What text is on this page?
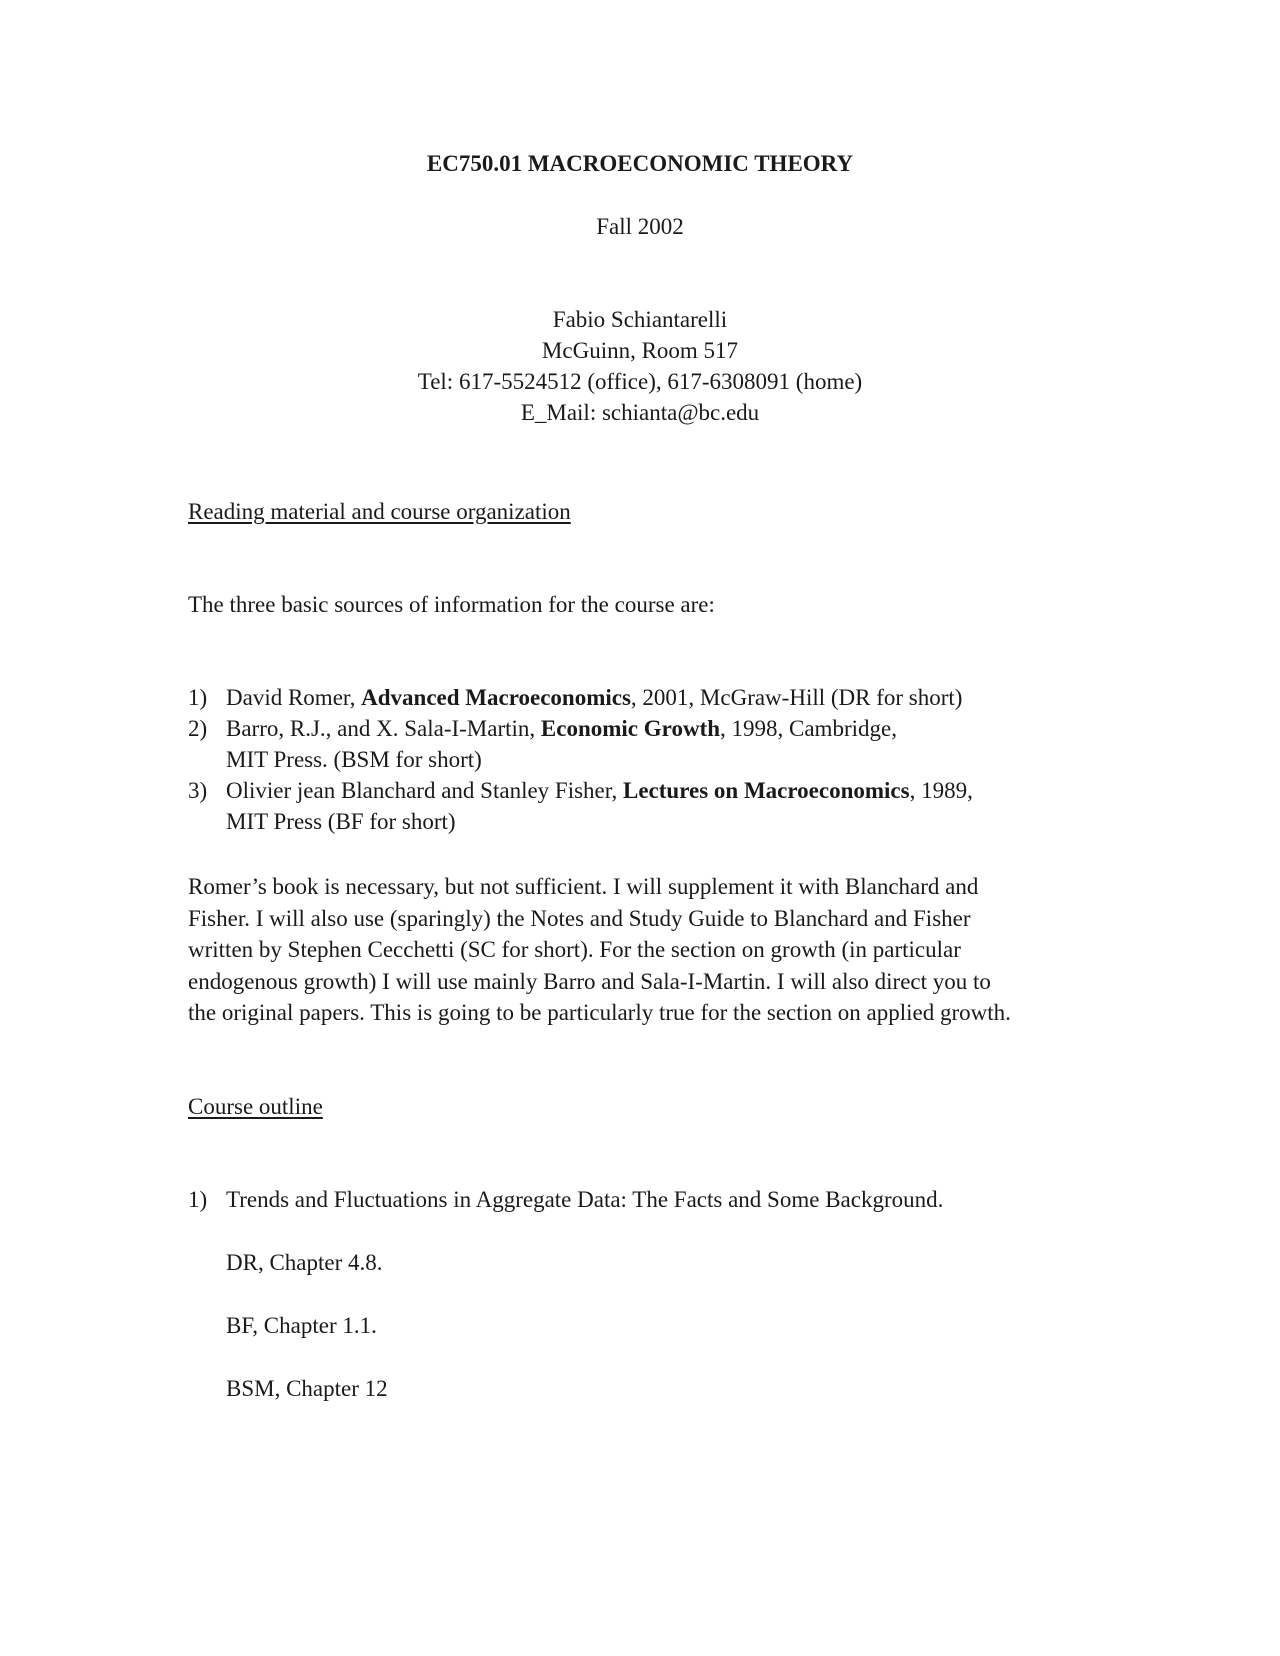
EC750.01 MACROECONOMIC THEORY
Fall 2002
Fabio Schiantarelli
McGuinn, Room 517
Tel: 617-5524512 (office), 617-6308091 (home)
E_Mail: schianta@bc.edu
Reading material and course organization
The three basic sources of information for the course are:
1) David Romer, Advanced Macroeconomics, 2001, McGraw-Hill (DR for short)
2) Barro, R.J., and X. Sala-I-Martin, Economic Growth, 1998, Cambridge,
MIT Press. (BSM for short)
3) Olivier jean Blanchard and Stanley Fisher, Lectures on Macroeconomics, 1989,
MIT Press (BF for short)
Romer’s book is necessary, but not sufficient. I will supplement it with Blanchard and
Fisher. I will also use (sparingly) the Notes and Study Guide to Blanchard and Fisher
written by Stephen Cecchetti (SC for short). For the section on growth (in particular
endogenous growth) I will use mainly Barro and Sala-I-Martin. I will also direct you to
the original papers. This is going to be particularly true for the section on applied growth.
Course outline
1) Trends and Fluctuations in Aggregate Data: The Facts and Some Background.
DR, Chapter 4.8.
BF, Chapter 1.1.
BSM, Chapter 12
